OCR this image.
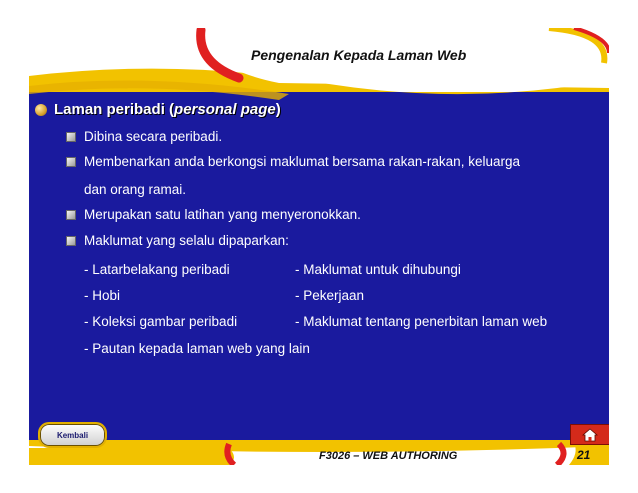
Pengenalan Kepada Laman Web
Laman peribadi (personal page)
Dibina secara peribadi.
Membenarkan anda berkongsi maklumat bersama rakan-rakan, keluarga
dan orang ramai.
Merupakan satu latihan yang menyeronokkan.
Maklumat yang selalu dipaparkan:
- Latarbelakang peribadi	- Maklumat untuk dihubungi
- Hobi	- Pekerjaan
- Koleksi gambar peribadi	- Maklumat tentang penerbitan laman web
- Pautan kepada laman web yang lain
Kembali
F3026 – WEB AUTHORING	21
